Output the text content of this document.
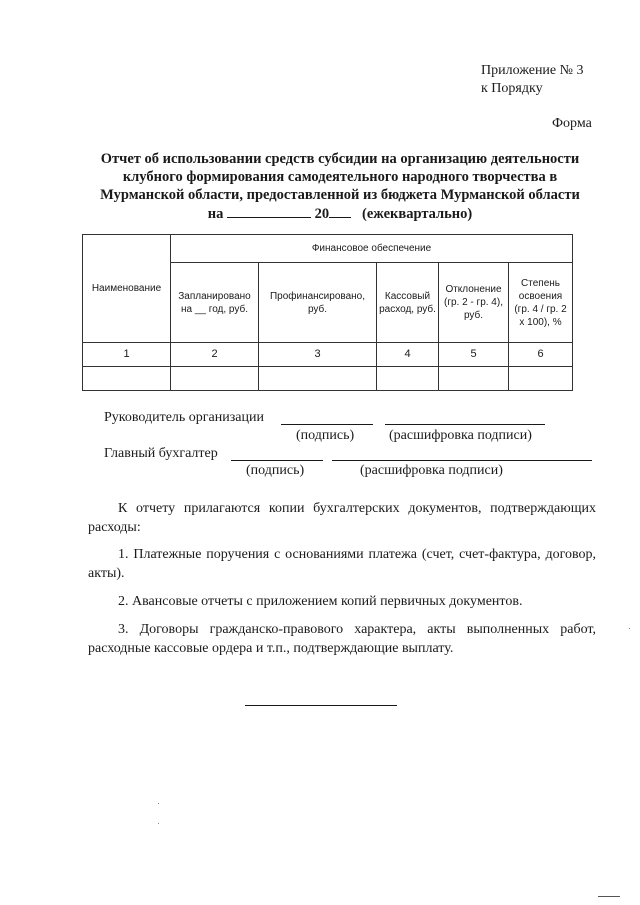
Приложение № 3
к Порядку
Форма
Отчет об использовании средств субсидии на организацию деятельности
клубного формирования самодеятельного народного творчества в
Мурманской области, предоставленной из бюджета Мурманской области
на	20 (ежеквартально)
Наименование	Финансовое обеспечение				
	Запланировано на __ год, руб.	Профинансировано, руб.	Кассовый расход, руб.	Отклонение (гр. 2 - гр. 4), руб.	Степень освоения (гр. 4 / гр. 2 x 100), %
1	2	3	4	5	6

Руководитель организации
(подпись) (расшифровка подписи)
Главный бухгалтер
(подпись)	(расшифровка подписи)
К отчету прилагаются копии бухгалтерских документов, подтверждающих расходы:
1. Платежные поручения с основаниями платежа (счет, счет-фактура, договор, акты).
2. Авансовые отчеты с приложением копий первичных документов.
3. Договоры гражданско-правового характера, акты выполненных работ, расходные кассовые ордера и т.п., подтверждающие выплату.
